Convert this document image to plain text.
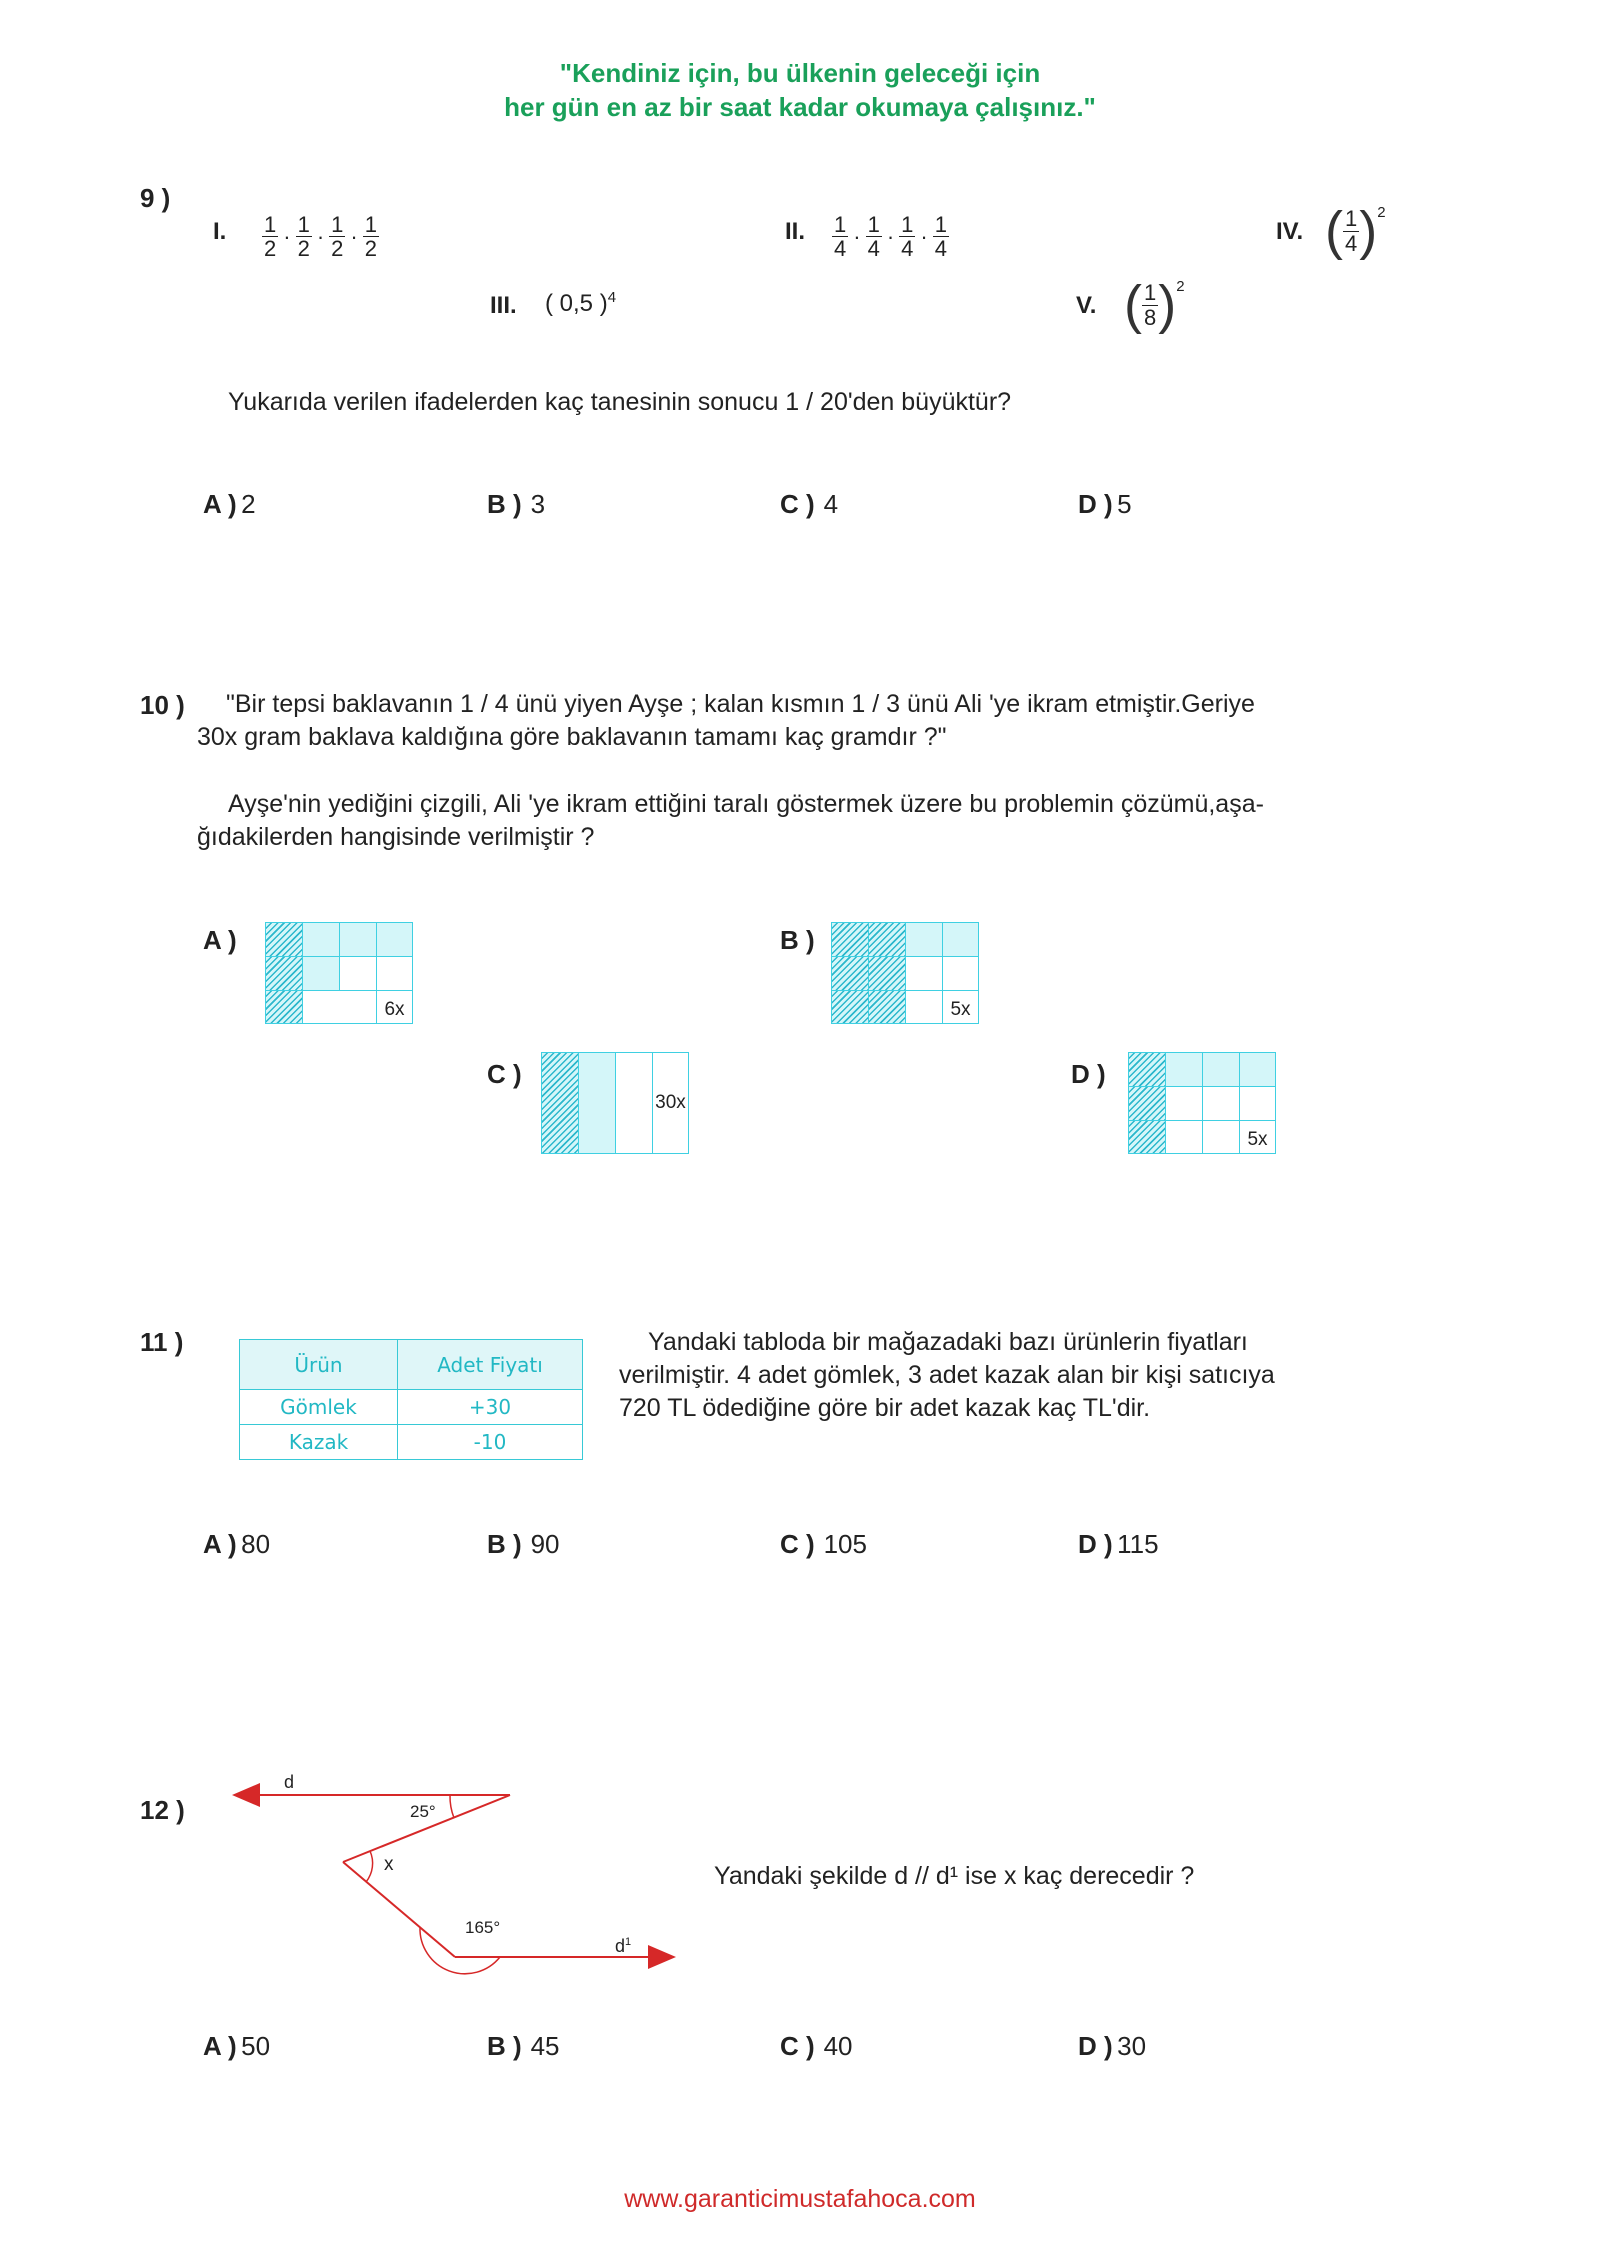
"Kendiniz için, bu ülkenin geleceği için
her gün en az bir saat kadar okumaya çalışınız."
9 )
I. $\frac{1}{2} \cdot \frac{1}{2} \cdot \frac{1}{2} \cdot \frac{1}{2}$	II. $\frac{1}{4} \cdot \frac{1}{4} \cdot \frac{1}{4} \cdot \frac{1}{4}$	IV. ( $\frac{1}{4}$ ) 2
III. ( 0,5 )$^4$	V. ( $\frac{1}{8}$ ) 2
Yukarıda verilen ifadelerden kaç tanesinin sonucu 1 / 20'den büyüktür?
A ) 2	B ) 3	C ) 4	D ) 5
10 ) "Bir tepsi baklavanın 1 / 4 ünü yiyen Ayşe ; kalan kısmın 1 / 3 ünü Ali 'ye ikram etmiştir.Geriye
30x gram baklava kaldığına göre baklavanın tamamı kaç gramdır ?"
Ayşe'nin yediğini çizgili, Ali 'ye ikram ettiğini taralı göstermek üzere bu problemin çözümü,aşa-
ğıdakilerden hangisinde verilmiştir ?
A )
6x
B )
5x
C )
30x
D )
5x
11 )
Ürün	Adet Fiyatı
Gömlek	+30
Kazak	-10
Yandaki tabloda bir mağazadaki bazı ürünlerin fiyatları
verilmiştir. 4 adet gömlek, 3 adet kazak alan bir kişi satıcıya
720 TL ödediğine göre bir adet kazak kaç TL'dir.
A ) 80	B ) 90	C ) 105	D ) 115
12 )
d
25°
x
165°
$d^1$
Yandaki şekilde d // d¹ ise x kaç derecedir ?
A ) 50	B ) 45	C ) 40	D ) 30
www.garanticimustafahoca.com
